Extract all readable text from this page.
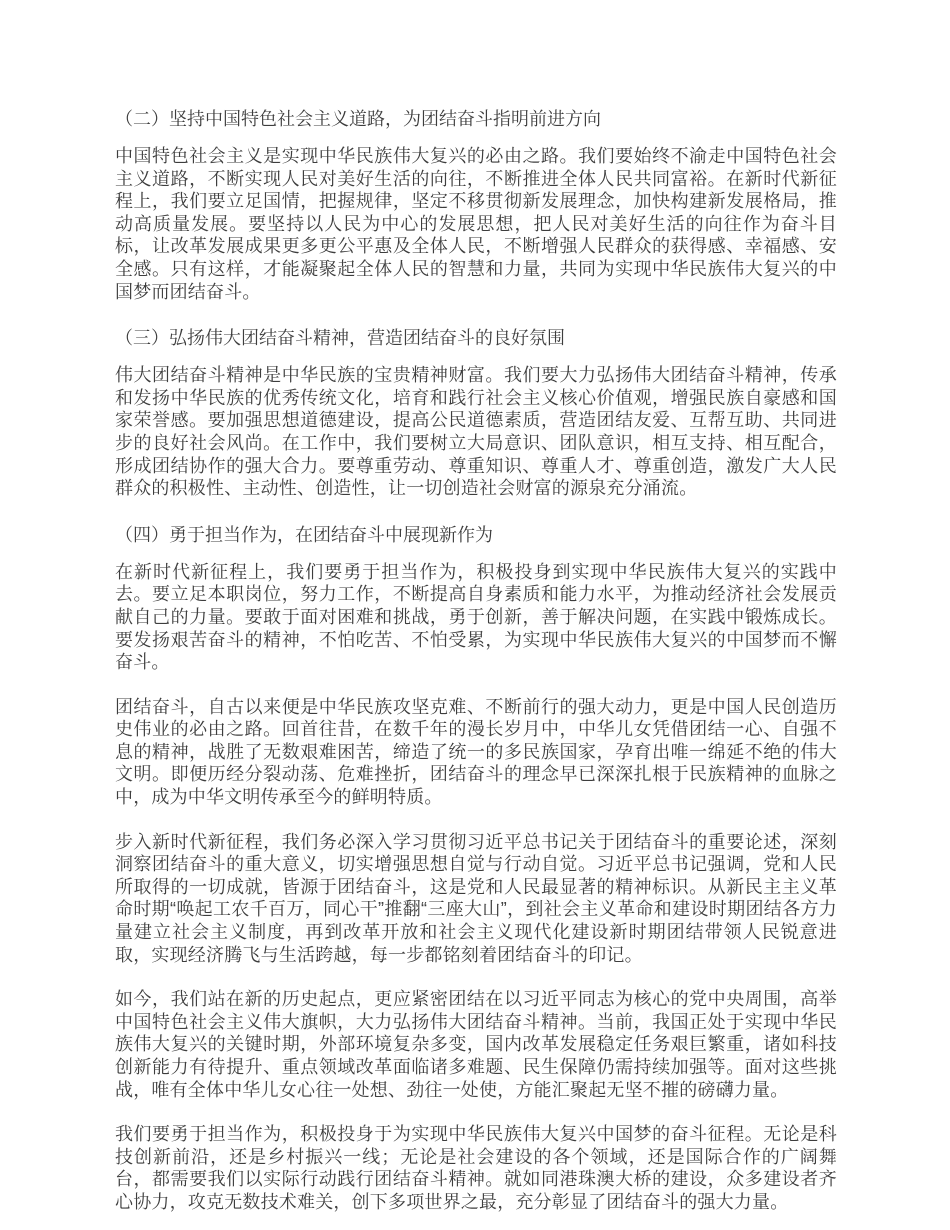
（二）坚持中国特色社会主义道路，为团结奋斗指明前进方向

中国特色社会主义是实现中华民族伟大复兴的必由之路。我们要始终不渝走中国特色社会主义道路，不断实现人民对美好生活的向往，不断推进全体人民共同富裕。在新时代新征程上，我们要立足国情，把握规律，坚定不移贯彻新发展理念，加快构建新发展格局，推动高质量发展。要坚持以人民为中心的发展思想，把人民对美好生活的向往作为奋斗目标，让改革发展成果更多更公平惠及全体人民，不断增强人民群众的获得感、幸福感、安全感。只有这样，才能凝聚起全体人民的智慧和力量，共同为实现中华民族伟大复兴的中国梦而团结奋斗。

（三）弘扬伟大团结奋斗精神，营造团结奋斗的良好氛围

伟大团结奋斗精神是中华民族的宝贵精神财富。我们要大力弘扬伟大团结奋斗精神，传承和发扬中华民族的优秀传统文化，培育和践行社会主义核心价值观，增强民族自豪感和国家荣誉感。要加强思想道德建设，提高公民道德素质，营造团结友爱、互帮互助、共同进步的良好社会风尚。在工作中，我们要树立大局意识、团队意识，相互支持、相互配合，形成团结协作的强大合力。要尊重劳动、尊重知识、尊重人才、尊重创造，激发广大人民群众的积极性、主动性、创造性，让一切创造社会财富的源泉充分涌流。

（四）勇于担当作为，在团结奋斗中展现新作为

在新时代新征程上，我们要勇于担当作为，积极投身到实现中华民族伟大复兴的实践中去。要立足本职岗位，努力工作，不断提高自身素质和能力水平，为推动经济社会发展贡献自己的力量。要敢于面对困难和挑战，勇于创新，善于解决问题，在实践中锻炼成长。要发扬艰苦奋斗的精神，不怕吃苦、不怕受累，为实现中华民族伟大复兴的中国梦而不懈奋斗。

团结奋斗，自古以来便是中华民族攻坚克难、不断前行的强大动力，更是中国人民创造历史伟业的必由之路。回首往昔，在数千年的漫长岁月中，中华儿女凭借团结一心、自强不息的精神，战胜了无数艰难困苦，缔造了统一的多民族国家，孕育出唯一绵延不绝的伟大文明。即便历经分裂动荡、危难挫折，团结奋斗的理念早已深深扎根于民族精神的血脉之中，成为中华文明传承至今的鲜明特质。

步入新时代新征程，我们务必深入学习贯彻习近平总书记关于团结奋斗的重要论述，深刻洞察团结奋斗的重大意义，切实增强思想自觉与行动自觉。习近平总书记强调，党和人民所取得的一切成就，皆源于团结奋斗，这是党和人民最显著的精神标识。从新民主主义革命时期“唤起工农千百万，同心干”推翻“三座大山”，到社会主义革命和建设时期团结各方力量建立社会主义制度，再到改革开放和社会主义现代化建设新时期团结带领人民锐意进取，实现经济腾飞与生活跨越，每一步都铭刻着团结奋斗的印记。

如今，我们站在新的历史起点，更应紧密团结在以习近平同志为核心的党中央周围，高举中国特色社会主义伟大旗帜，大力弘扬伟大团结奋斗精神。当前，我国正处于实现中华民族伟大复兴的关键时期，外部环境复杂多变，国内改革发展稳定任务艰巨繁重，诸如科技创新能力有待提升、重点领域改革面临诸多难题、民生保障仍需持续加强等。面对这些挑战，唯有全体中华儿女心往一处想、劲往一处使，方能汇聚起无坚不摧的磅礴力量。

我们要勇于担当作为，积极投身于为实现中华民族伟大复兴中国梦的奋斗征程。无论是科技创新前沿，还是乡村振兴一线；无论是社会建设的各个领域，还是国际合作的广阔舞台，都需要我们以实际行动践行团结奋斗精神。就如同港珠澳大桥的建设，众多建设者齐心协力，攻克无数技术难关，创下多项世界之最，充分彰显了团结奋斗的强大力量。
